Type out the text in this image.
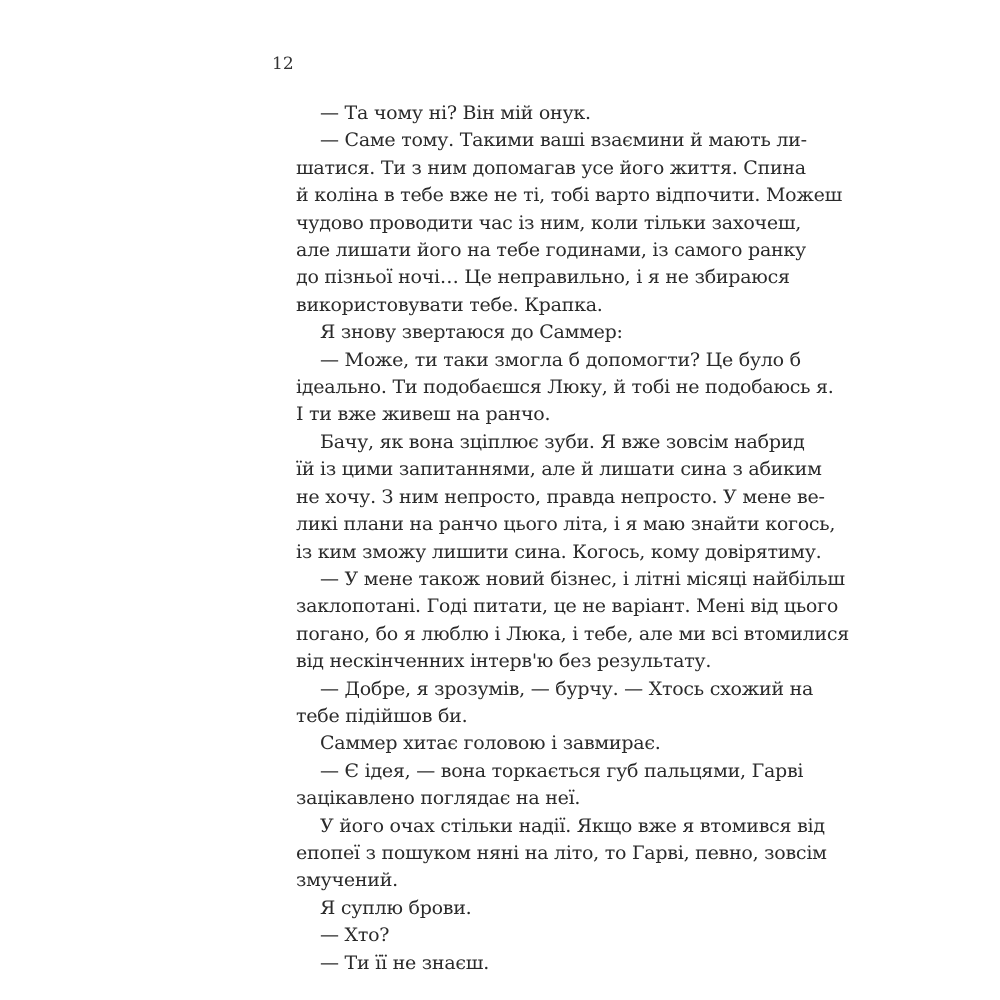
12
— Та чому ні? Він мій онук.
— Саме тому. Такими ваші взаємини й мають ли-
шатися. Ти з ним допомагав усе його життя. Спина
й коліна в тебе вже не ті, тобі варто відпочити. Можеш
чудово проводити час із ним, коли тільки захочеш,
але лишати його на тебе годинами, із самого ранку
до пізньої ночі… Це неправильно, і я не збираюся
використовувати тебе. Крапка.
Я знову звертаюся до Саммер:
— Може, ти таки змогла б допомогти? Це було б
ідеально. Ти подобаєшся Люку, й тобі не подобаюсь я.
І ти вже живеш на ранчо.
Бачу, як вона зціплює зуби. Я вже зовсім набрид
їй із цими запитаннями, але й лишати сина з абиким
не хочу. З ним непросто, правда непросто. У мене ве-
ликі плани на ранчо цього літа, і я маю знайти когось,
із ким зможу лишити сина. Когось, кому довірятиму.
— У мене також новий бізнес, і літні місяці найбільш
заклопотані. Годі питати, це не варіант. Мені від цього
погано, бо я люблю і Люка, і тебе, але ми всі втомилися
від нескінченних інтерв'ю без результату.
— Добре, я зрозумів, — бурчу. — Хтось схожий на
тебе підійшов би.
Саммер хитає головою і завмирає.
— Є ідея, — вона торкається губ пальцями, Гарві
зацікавлено поглядає на неї.
У його очах стільки надії. Якщо вже я втомився від
епопеї з пошуком няні на літо, то Гарві, певно, зовсім
змучений.
Я суплю брови.
— Хто?
— Ти її не знаєш.
